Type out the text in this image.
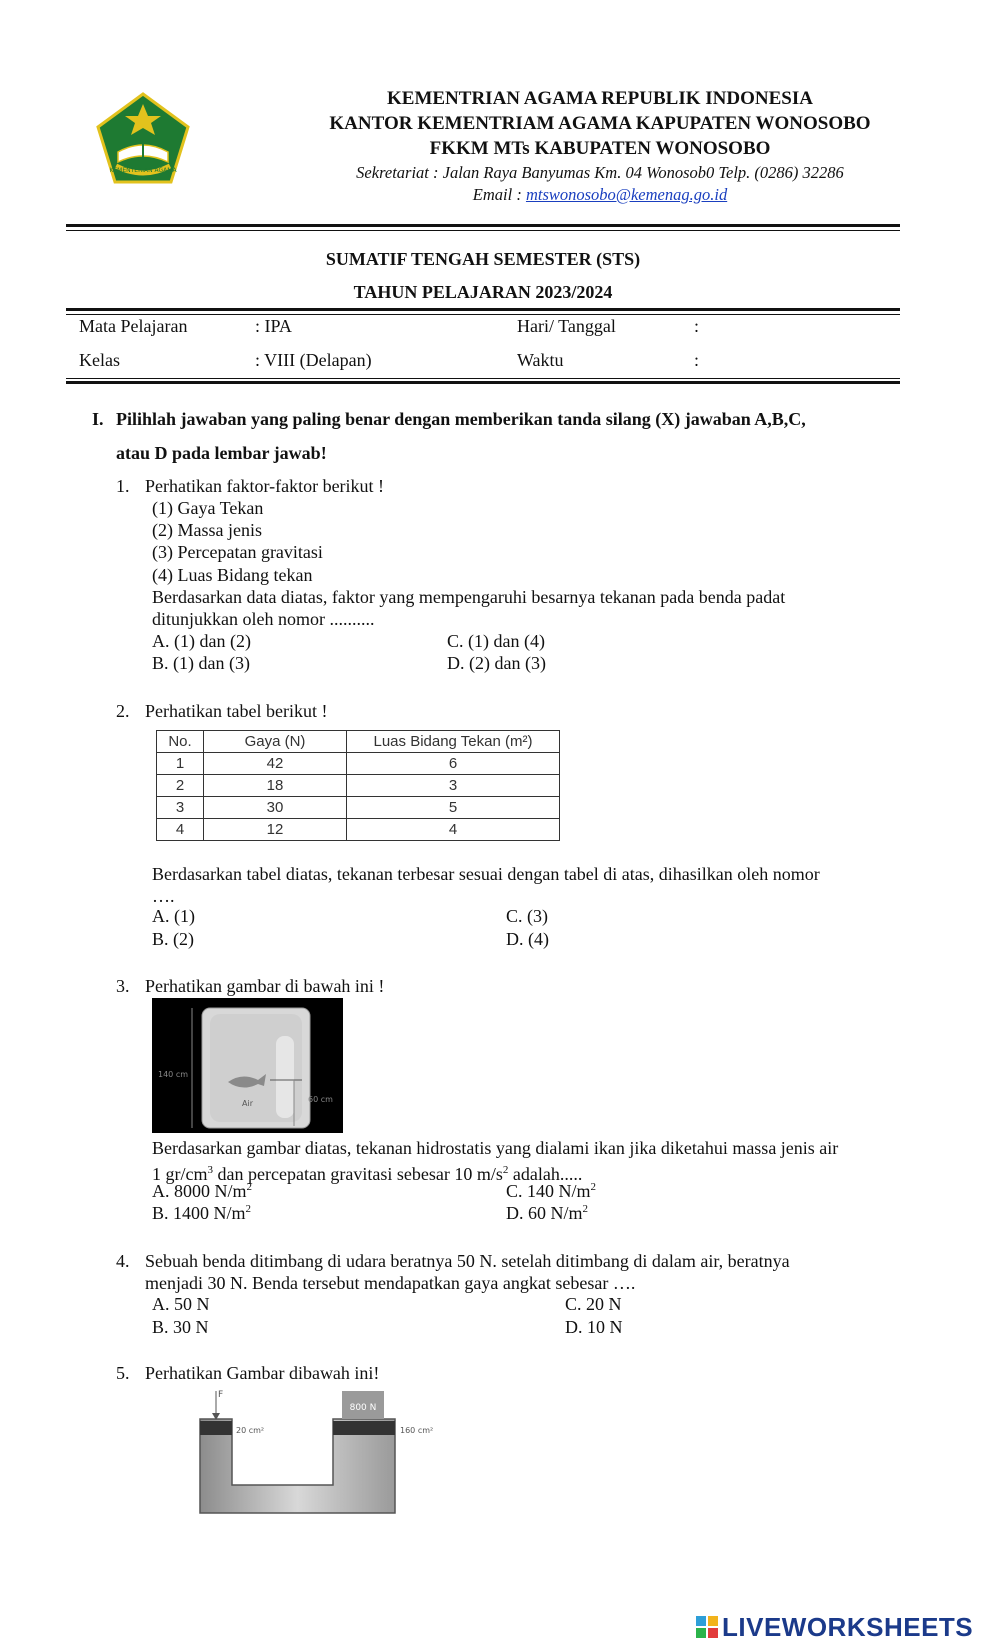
KEMENTERIAN AGAMA
KEMENTRIAN AGAMA REPUBLIK INDONESIA
KANTOR KEMENTRIAM AGAMA KAPUPATEN WONOSOBO
FKKM MTs KABUPATEN WONOSOBO
Sekretariat : Jalan Raya Banyumas Km. 04 Wonosob0 Telp. (0286) 32286
Email : mtswonosobo@kemenag.go.id
SUMATIF TENGAH SEMESTER (STS)
TAHUN PELAJARAN 2023/2024
Mata Pelajaran	: IPA	Hari/ Tanggal	:
Kelas	: VIII (Delapan)	Waktu	:
I. Pilihlah jawaban yang paling benar dengan memberikan tanda silang (X) jawaban A,B,C,
atau D pada lembar jawab!
1. Perhatikan faktor-faktor berikut !
(1) Gaya Tekan
(2) Massa jenis
(3) Percepatan gravitasi
(4) Luas Bidang tekan
Berdasarkan data diatas, faktor yang mempengaruhi besarnya tekanan pada benda padat
ditunjukkan oleh nomor ..........
A. (1) dan (2)	C. (1) dan (4)
B. (1) dan (3)	D. (2) dan (3)
2. Perhatikan tabel berikut !
No.	Gaya (N)	Luas Bidang Tekan (m²)
1	42	6
2	18	3
3	30	5
4	12	4
Berdasarkan tabel diatas, tekanan terbesar sesuai dengan tabel di atas, dihasilkan oleh nomor
….
A. (1)	C. (3)
B. (2)	D. (4)
3. Perhatikan gambar di bawah ini !
140 cm
60 cm
Air
Berdasarkan gambar diatas, tekanan hidrostatis yang dialami ikan jika diketahui massa jenis air
1 $gr/cm^3$ dan percepatan gravitasi sebesar 10 $m/s^2$ adalah.....
A. 8000 $N/m^2$	C. 140 $N/m^2$
B. 1400 $N/m^2$	D. 60 $N/m^2$
4. Sebuah benda ditimbang di udara beratnya 50 N. setelah ditimbang di dalam air, beratnya
menjadi 30 N. Benda tersebut mendapatkan gaya angkat sebesar ….
A. 50 N	C. 20 N
B. 30 N	D. 10 N
5. Perhatikan Gambar dibawah ini!
800 N
F
20 cm²	160 cm²
LIVEWORKSHEETS
